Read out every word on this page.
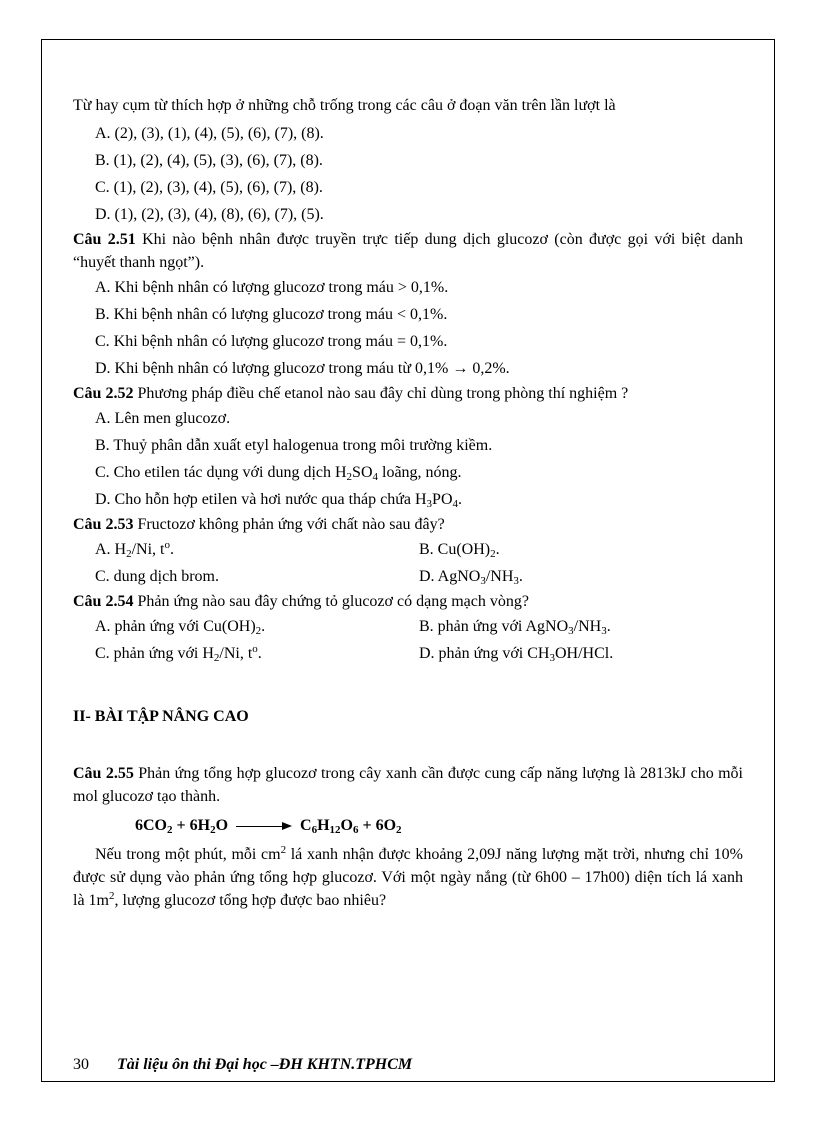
Từ hay cụm từ thích hợp ở những chỗ trống trong các câu ở đoạn văn trên lần lượt là

A. (2), (3), (1), (4), (5), (6), (7), (8).
B. (1), (2), (4), (5), (3), (6), (7), (8).
C. (1), (2), (3), (4), (5), (6), (7), (8).
D. (1), (2), (3), (4), (8), (6), (7), (5).

Câu 2.51 Khi nào bệnh nhân được truyền trực tiếp dung dịch glucozơ (còn được gọi với biệt danh “huyết thanh ngọt”).

A. Khi bệnh nhân có lượng glucozơ trong máu > 0,1%.
B. Khi bệnh nhân có lượng glucozơ trong máu < 0,1%.
C. Khi bệnh nhân có lượng glucozơ trong máu = 0,1%.
D. Khi bệnh nhân có lượng glucozơ trong máu từ 0,1% → 0,2%.

Câu 2.52 Phương pháp điều chế etanol nào sau đây chỉ dùng trong phòng thí nghiệm ?

A. Lên men glucozơ.
B. Thuỷ phân dẫn xuất etyl halogenua trong môi trường kiềm.
C. Cho etilen tác dụng với dung dịch $H_2SO_4$ loãng, nóng.
D. Cho hỗn hợp etilen và hơi nước qua tháp chứa $H_3PO_4$.

Câu 2.53 Fructozơ không phản ứng với chất nào sau đây?

A. $H_2/Ni$, $t^o$.	B. $Cu(OH)_2$.
C. dung dịch brom.	D. $AgNO_3/NH_3$.

Câu 2.54 Phản ứng nào sau đây chứng tỏ glucozơ có dạng mạch vòng?

A. phản ứng với $Cu(OH)_2$.	B. phản ứng với $AgNO_3/NH_3$.
C. phản ứng với $H_2/Ni$, $t^o$.	D. phản ứng với $CH_3OH$/HCl.

II- BÀI TẬP NÂNG CAO

Câu 2.55 Phản ứng tổng hợp glucozơ trong cây xanh cần được cung cấp năng lượng là 2813kJ cho mỗi mol glucozơ tạo thành.

$6CO_2 + 6H_2O$	$C_6H_{12}O_6 + 6O_2$

Nếu trong một phút, mỗi $cm^2$ lá xanh nhận được khoảng 2,09J năng lượng mặt trời, nhưng chỉ 10% được sử dụng vào phản ứng tổng hợp glucozơ. Với một ngày nắng (từ 6h00 – 17h00) diện tích lá xanh là $1m^2$, lượng glucozơ tổng hợp được bao nhiêu?

30 Tài liệu ôn thi Đại học –ĐH KHTN.TPHCM
